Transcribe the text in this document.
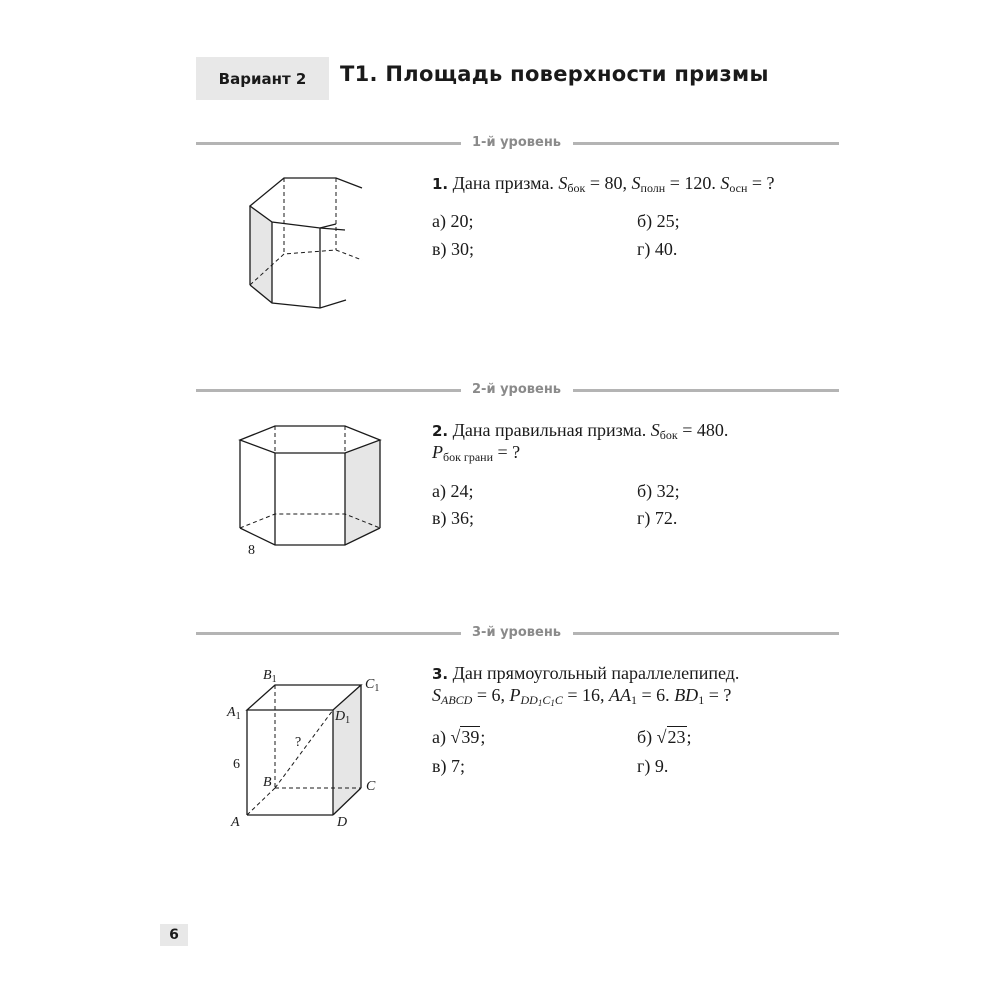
Вариант 2	Т1. Площадь поверхности призмы
1-й уровень
1. Дана призма. $S_{бок} = 80$, $S_{полн} = 120$. $S_{осн}$ = ?
а) 20;	б) 25;
в) 30;	г) 40.
2-й уровень
8
2. Дана правильная призма. $S_{бок} = 480$.
$P_{бок грани}$ = ?
а) 24;	б) 32;
в) 36;	г) 72.
3-й уровень
$B_1$	$C_1$
$A_1$	$D_1$
B	C
A	D
6
?
3. Дан прямоугольный параллелепипед.
$S_{ABCD} = 6$, $P_{DD1C1C} = 16$, $AA_1 = 6$. $BD_1$ = ?
а) √39;	б) √23;
в) 7;	г) 9.
6
